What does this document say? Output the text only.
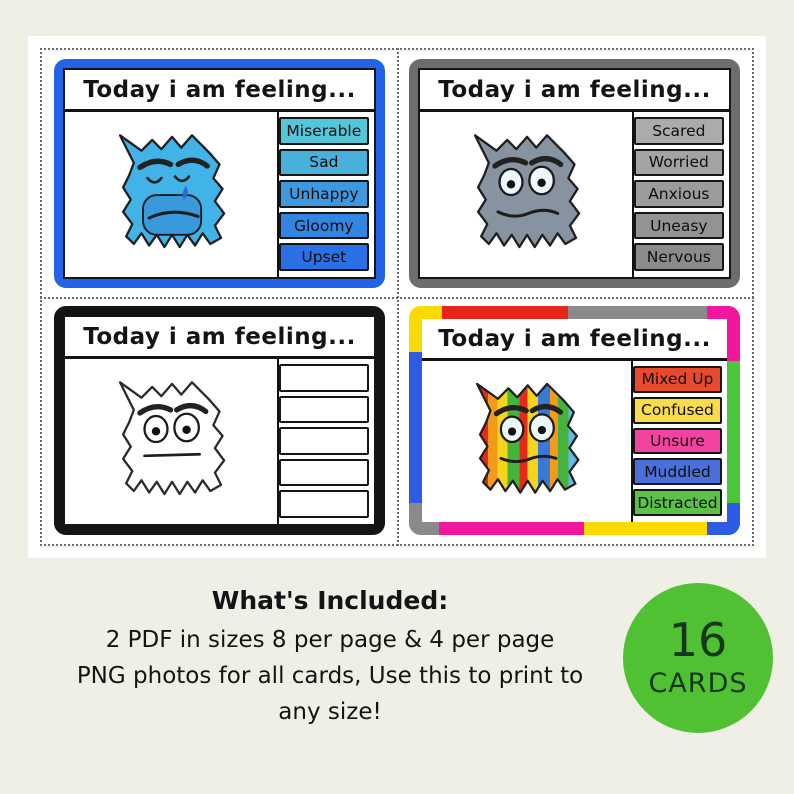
Today i am feeling...
Miserable
Sad
Unhappy
Gloomy
Upset
Today i am feeling...
Scared
Worried
Anxious
Uneasy
Nervous
Today i am feeling...	Today i am feeling...
Mixed Up
Confused
Unsure
Muddled
Distracted
What's Included:
2 PDF in sizes 8 per page & 4 per page
PNG photos for all cards, Use this to print to
any size!
16
CARDS
